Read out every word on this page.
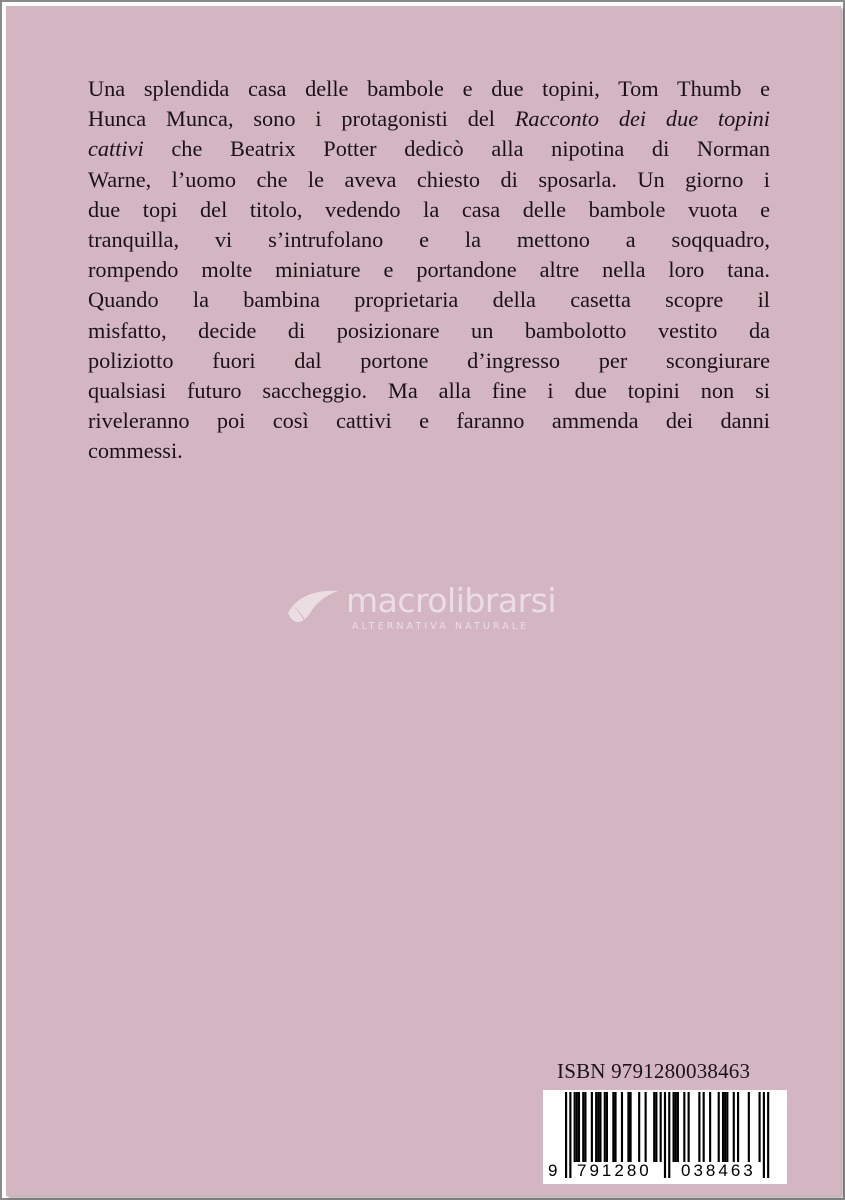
Una splendida casa delle bambole e due topini, Tom Thumb e
Hunca Munca, sono i protagonisti del Racconto dei due topini
cattivi che Beatrix Potter dedicò alla nipotina di Norman
Warne, l’uomo che le aveva chiesto di sposarla. Un giorno i
due topi del titolo, vedendo la casa delle bambole vuota e
tranquilla, vi s’intrufolano e la mettono a soqquadro,
rompendo molte miniature e portandone altre nella loro tana.
Quando la bambina proprietaria della casetta scopre il
misfatto, decide di posizionare un bambolotto vestito da
poliziotto fuori dal portone d’ingresso per scongiurare
qualsiasi futuro saccheggio. Ma alla fine i due topini non si
riveleranno poi così cattivi e faranno ammenda dei danni
commessi.
macrolibrarsi
ALTERNATIVA NATURALE
ISBN 9791280038463
9 791280 038463
